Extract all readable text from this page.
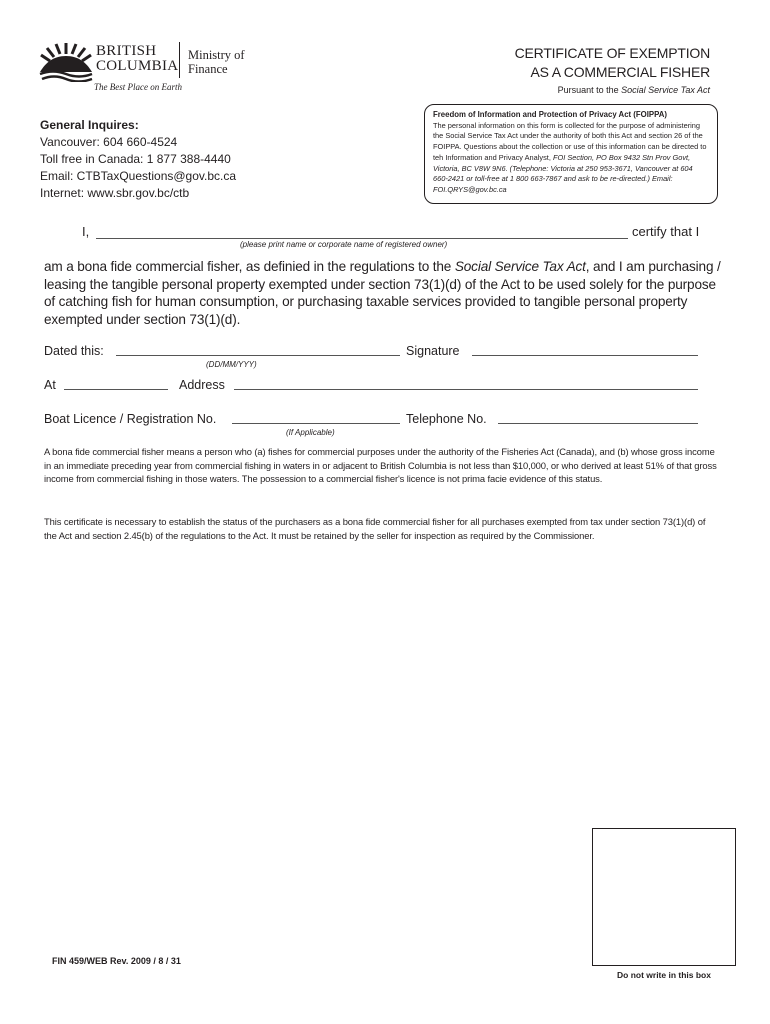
BRITISH
COLUMBIA
Ministry of
Finance
The Best Place on Earth
CERTIFICATE OF EXEMPTION
AS A COMMERCIAL FISHER
Pursuant to the Social Service Tax Act
General Inquires:
Vancouver: 604 660-4524
Toll free in Canada: 1 877 388-4440
Email: CTBTaxQuestions@gov.bc.ca
Internet: www.sbr.gov.bc/ctb
Freedom of Information and Protection of Privacy Act (FOIPPA)
The personal information on this form is collected for the purpose of administering the Social Service Tax Act under the authority of both this Act and section 26 of the FOIPPA. Questions about the collection or use of this information can be directed to teh Information and Privacy Analyst, FOI Section, PO Box 9432 Stn Prov Govt, Victoria, BC V8W 9N6. (Telephone: Victoria at 250 953-3671, Vancouver at 604 660-2421 or toll-free at 1 800 663-7867 and ask to be re-directed.) Email: FOI.QRYS@gov.bc.ca
I,	certify that I
(please print name or corporate name of registered owner)
am a bona fide commercial fisher, as definied in the regulations to the Social Service Tax Act, and I am purchasing / leasing the tangible personal property exempted under section 73(1)(d) of the Act to be used solely for the purpose of catching fish for human consumption, or purchasing taxable services provided to tangible personal property exempted under section 73(1)(d).
Dated this:
(DD/MM/YYY)
Signature
At	Address
Boat Licence / Registration No.
(If Applicable)
Telephone No.
A bona fide commercial fisher means a person who (a) fishes for commercial purposes under the authority of the Fisheries Act (Canada), and (b) whose gross income in an immediate preceding year from commercial fishing in waters in or adjacent to British Columbia is not less than $10,000, or who derived at least 51% of that gross income from commercial fishing in those waters. The possession to a commercial fisher's licence is not prima facie evidence of this status.
This certificate is necessary to establish the status of the purchasers as a bona fide commercial fisher for all purchases exempted from tax under section 73(1)(d) of the Act and section 2.45(b) of the regulations to the Act. It must be retained by the seller for inspection as required by the Commissioner.
Do not write in this box
FIN 459/WEB Rev. 2009 / 8 / 31
